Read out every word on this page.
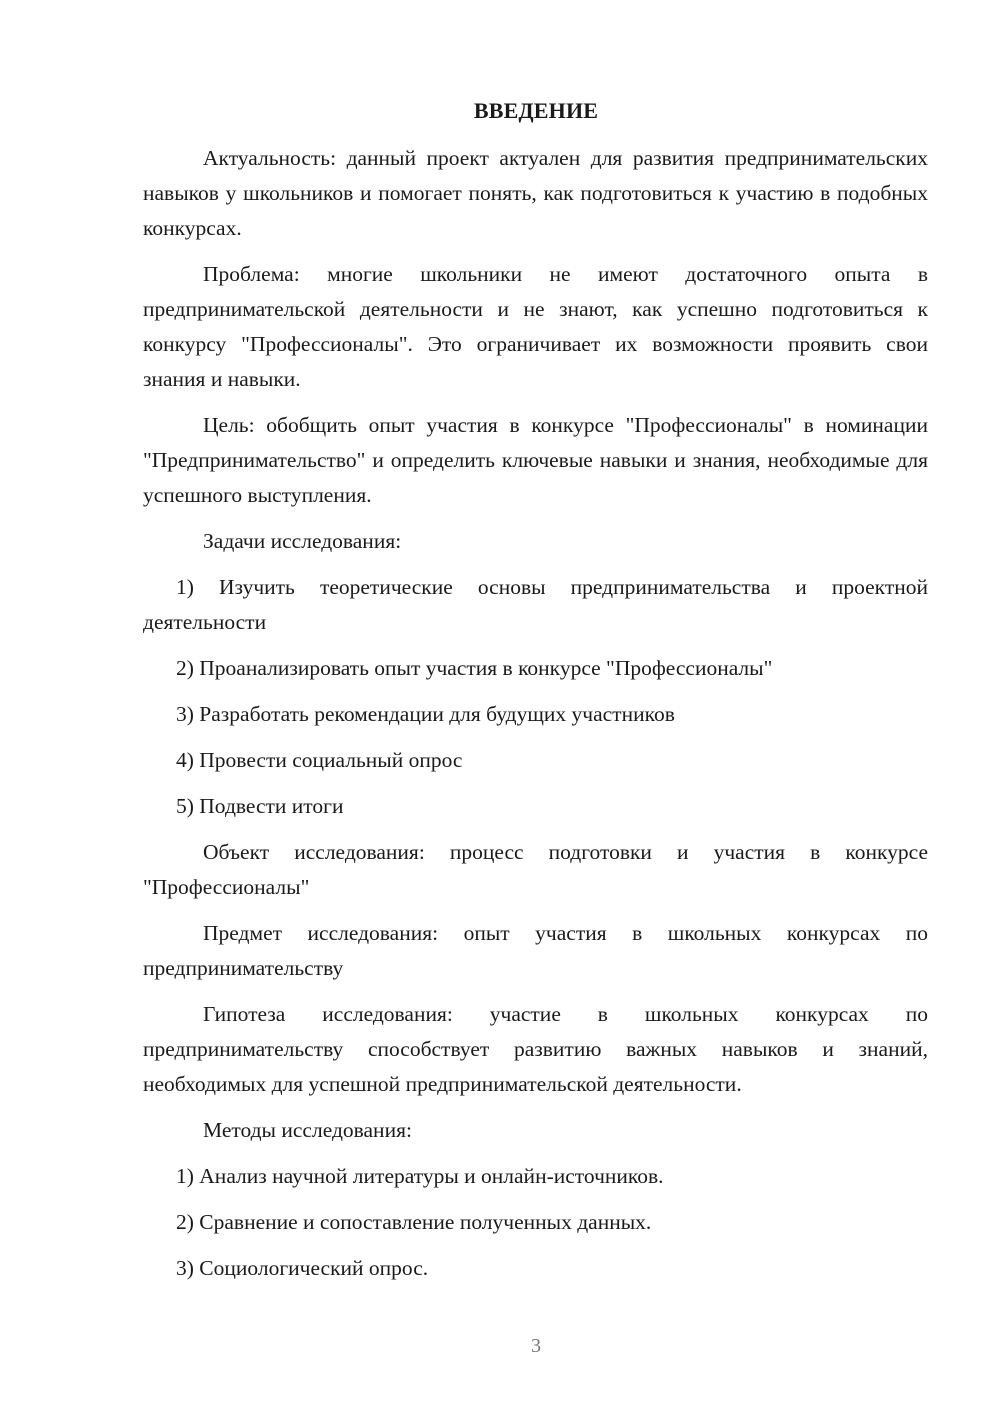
ВВЕДЕНИЕ

Актуальность: данный проект актуален для развития предпринимательских навыков у школьников и помогает понять, как подготовиться к участию в подобных конкурсах.

Проблема: многие школьники не имеют достаточного опыта в предпринимательской деятельности и не знают, как успешно подготовиться к конкурсу "Профессионалы". Это ограничивает их возможности проявить свои знания и навыки.

Цель: обобщить опыт участия в конкурсе "Профессионалы" в номинации "Предпринимательство" и определить ключевые навыки и знания, необходимые для успешного выступления.

Задачи исследования:

1) Изучить теоретические основы предпринимательства и проектной деятельности

2) Проанализировать опыт участия в конкурсе "Профессионалы"

3) Разработать рекомендации для будущих участников

4) Провести социальный опрос

5) Подвести итоги

Объект исследования: процесс подготовки и участия в конкурсе "Профессионалы"

Предмет исследования: опыт участия в школьных конкурсах по предпринимательству

Гипотеза исследования: участие в школьных конкурсах по предпринимательству способствует развитию важных навыков и знаний, необходимых для успешной предпринимательской деятельности.

Методы исследования:

1) Анализ научной литературы и онлайн-источников.

2) Сравнение и сопоставление полученных данных.

3) Социологический опрос.

3
